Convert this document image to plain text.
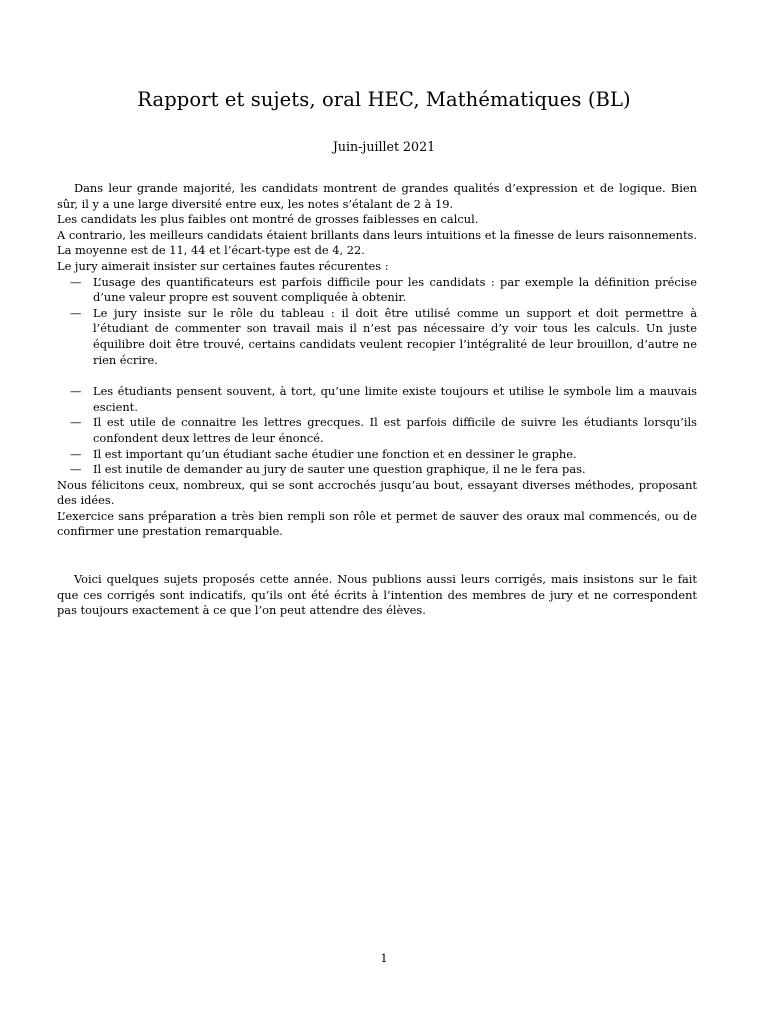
Rapport et sujets, oral HEC, Mathématiques (BL)
Juin-juillet 2021

Dans leur grande majorité, les candidats montrent de grandes qualités d’expression et de logique. Bien sûr, il y a une large diversité entre eux, les notes s’étalant de 2 à 19.

Les candidats les plus faibles ont montré de grosses faiblesses en calcul.

A contrario, les meilleurs candidats étaient brillants dans leurs intuitions et la finesse de leurs raisonnements. La moyenne est de 11, 44 et l’écart-type est de 4, 22.

Le jury aimerait insister sur certaines fautes récurentes :

— L’usage des quantificateurs est parfois difficile pour les candidats : par exemple la définition précise d’une valeur propre est souvent compliquée à obtenir.
— Le jury insiste sur le rôle du tableau : il doit être utilisé comme un support et doit permettre à l’étudiant de commenter son travail mais il n’est pas nécessaire d’y voir tous les calculs. Un juste équilibre doit être trouvé, certains candidats veulent recopier l’intégralité de leur brouillon, d’autre ne rien écrire.
— Les étudiants pensent souvent, à tort, qu’une limite existe toujours et utilise le symbole lim a mauvais escient.
— Il est utile de connaitre les lettres grecques. Il est parfois difficile de suivre les étudiants lorsqu’ils confondent deux lettres de leur énoncé.
— Il est important qu’un étudiant sache étudier une fonction et en dessiner le graphe.
— Il est inutile de demander au jury de sauter une question graphique, il ne le fera pas.

Nous félicitons ceux, nombreux, qui se sont accrochés jusqu’au bout, essayant diverses méthodes, proposant des idées.

L’exercice sans préparation a très bien rempli son rôle et permet de sauver des oraux mal commencés, ou de confirmer une prestation remarquable.

Voici quelques sujets proposés cette année. Nous publions aussi leurs corrigés, mais insistons sur le fait que ces corrigés sont indicatifs, qu’ils ont été écrits à l’intention des membres de jury et ne correspondent pas toujours exactement à ce que l’on peut attendre des élèves.

1
